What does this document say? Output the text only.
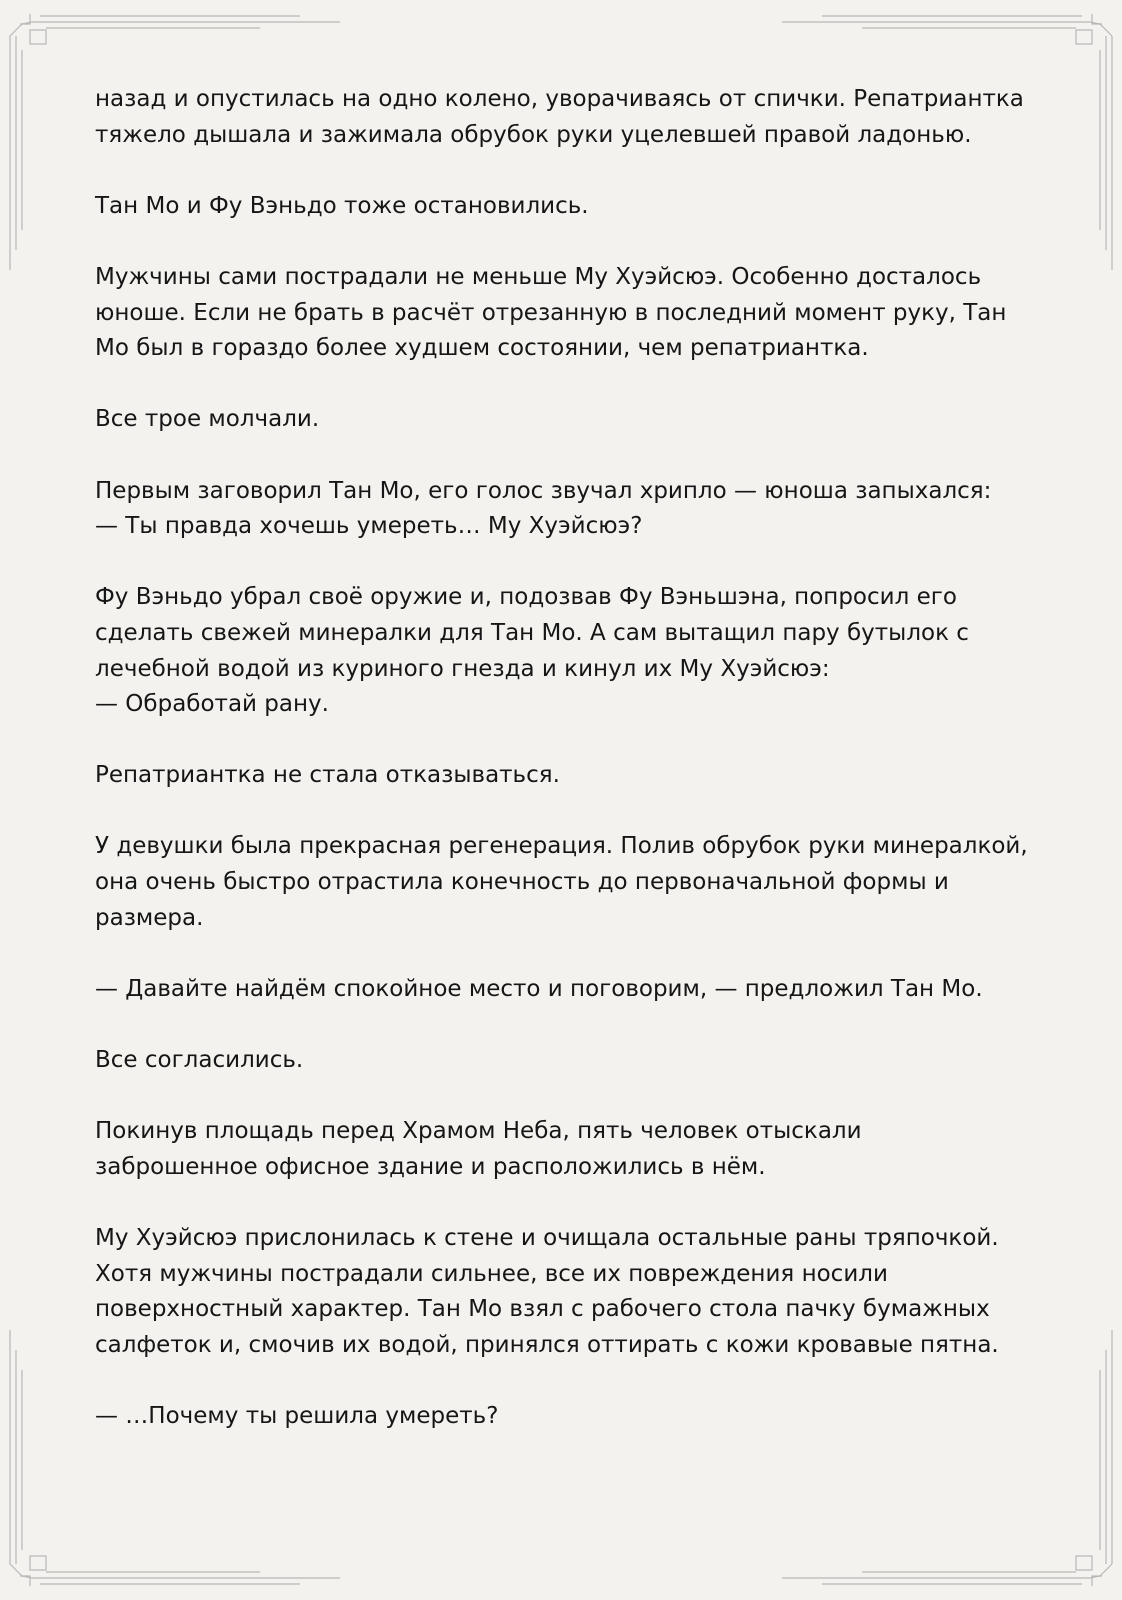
назад и опустилась на одно колено, уворачиваясь от спички. Репатриантка тяжело дышала и зажимала обрубок руки уцелевшей правой ладонью.

Тан Мо и Фу Вэньдо тоже остановились.

Мужчины сами пострадали не меньше Му Хуэйсюэ. Особенно досталось юноше. Если не брать в расчёт отрезанную в последний момент руку, Тан Мо был в гораздо более худшем состоянии, чем репатриантка.

Все трое молчали.

Первым заговорил Тан Мо, его голос звучал хрипло — юноша запыхался:
— Ты правда хочешь умереть… Му Хуэйсюэ?

Фу Вэньдо убрал своё оружие и, подозвав Фу Вэньшэна, попросил его сделать свежей минералки для Тан Мо. А сам вытащил пару бутылок с лечебной водой из куриного гнезда и кинул их Му Хуэйсюэ:
— Обработай рану.

Репатриантка не стала отказываться.

У девушки была прекрасная регенерация. Полив обрубок руки минералкой, она очень быстро отрастила конечность до первоначальной формы и размера.

— Давайте найдём спокойное место и поговорим, — предложил Тан Мо.

Все согласились.

Покинув площадь перед Храмом Неба, пять человек отыскали заброшенное офисное здание и расположились в нём.

Му Хуэйсюэ прислонилась к стене и очищала остальные раны тряпочкой. Хотя мужчины пострадали сильнее, все их повреждения носили поверхностный характер. Тан Мо взял с рабочего стола пачку бумажных салфеток и, смочив их водой, принялся оттирать с кожи кровавые пятна.

— …Почему ты решила умереть?
